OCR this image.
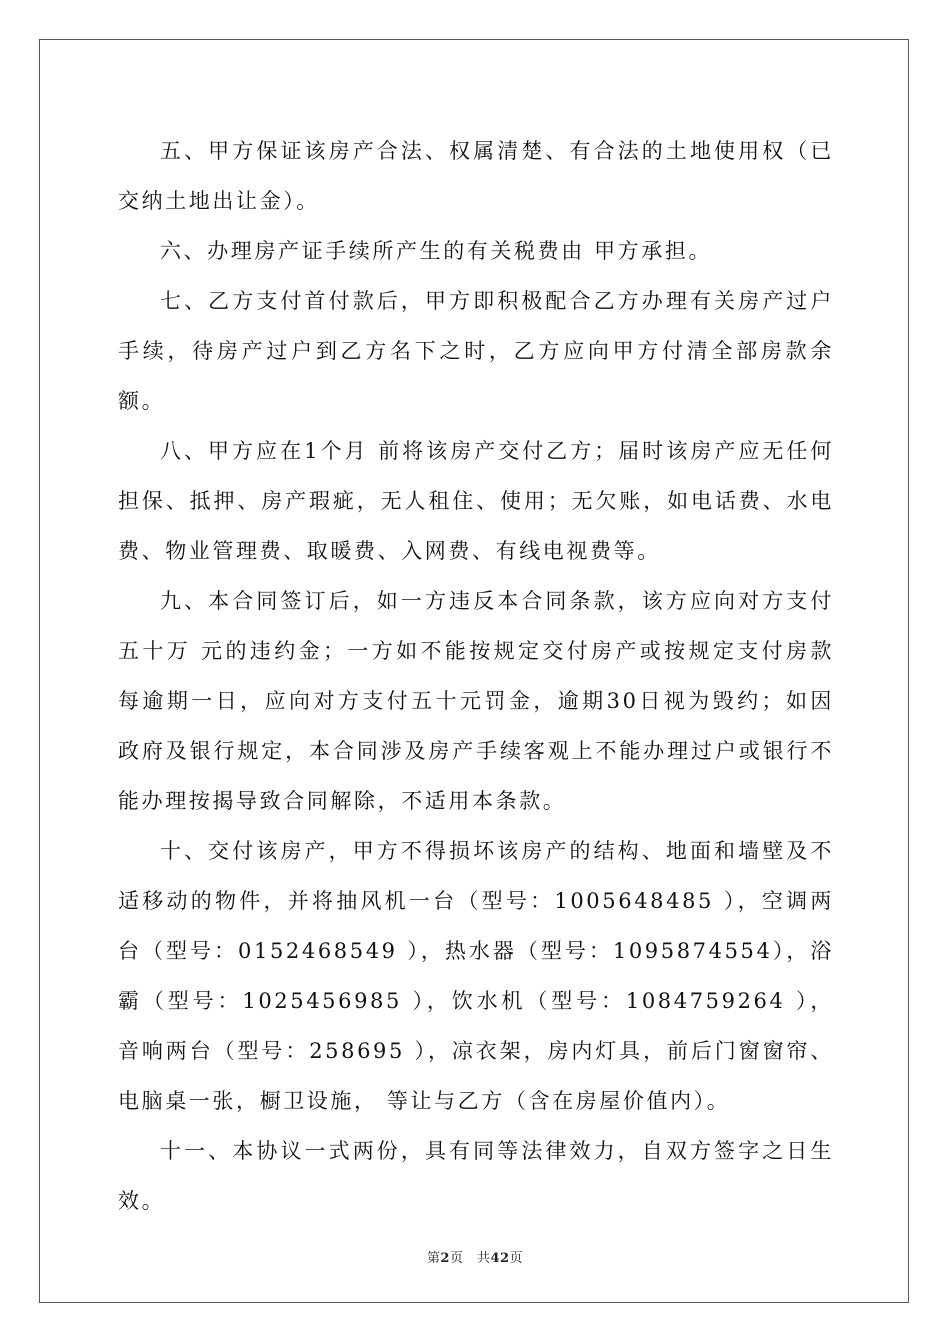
五、甲方保证该房产合法、权属清楚、有合法的土地使用权（已交纳土地出让金）。

六、办理房产证手续所产生的有关税费由 甲方承担。

七、乙方支付首付款后，甲方即积极配合乙方办理有关房产过户手续，待房产过户到乙方名下之时，乙方应向甲方付清全部房款余额。

八、甲方应在1个月 前将该房产交付乙方；届时该房产应无任何担保、抵押、房产瑕疵，无人租住、使用；无欠账，如电话费、水电费、物业管理费、取暖费、入网费、有线电视费等。

九、本合同签订后，如一方违反本合同条款，该方应向对方支付五十万 元的违约金；一方如不能按规定交付房产或按规定支付房款每逾期一日，应向对方支付五十元罚金，逾期30日视为毁约；如因政府及银行规定，本合同涉及房产手续客观上不能办理过户或银行不能办理按揭导致合同解除，不适用本条款。

十、交付该房产，甲方不得损坏该房产的结构、地面和墙壁及不适移动的物件，并将抽风机一台（型号：1005648485 ），空调两台（型号：0152468549 ），热水器（型号：1095874554），浴霸（型号：1025456985 ），饮水机（型号：1084759264 ），音响两台（型号：258695 ），凉衣架，房内灯具，前后门窗窗帘、电脑桌一张，橱卫设施， 等让与乙方（含在房屋价值内）。

十一、本协议一式两份，具有同等法律效力，自双方签字之日生效。

第2页　共42页
